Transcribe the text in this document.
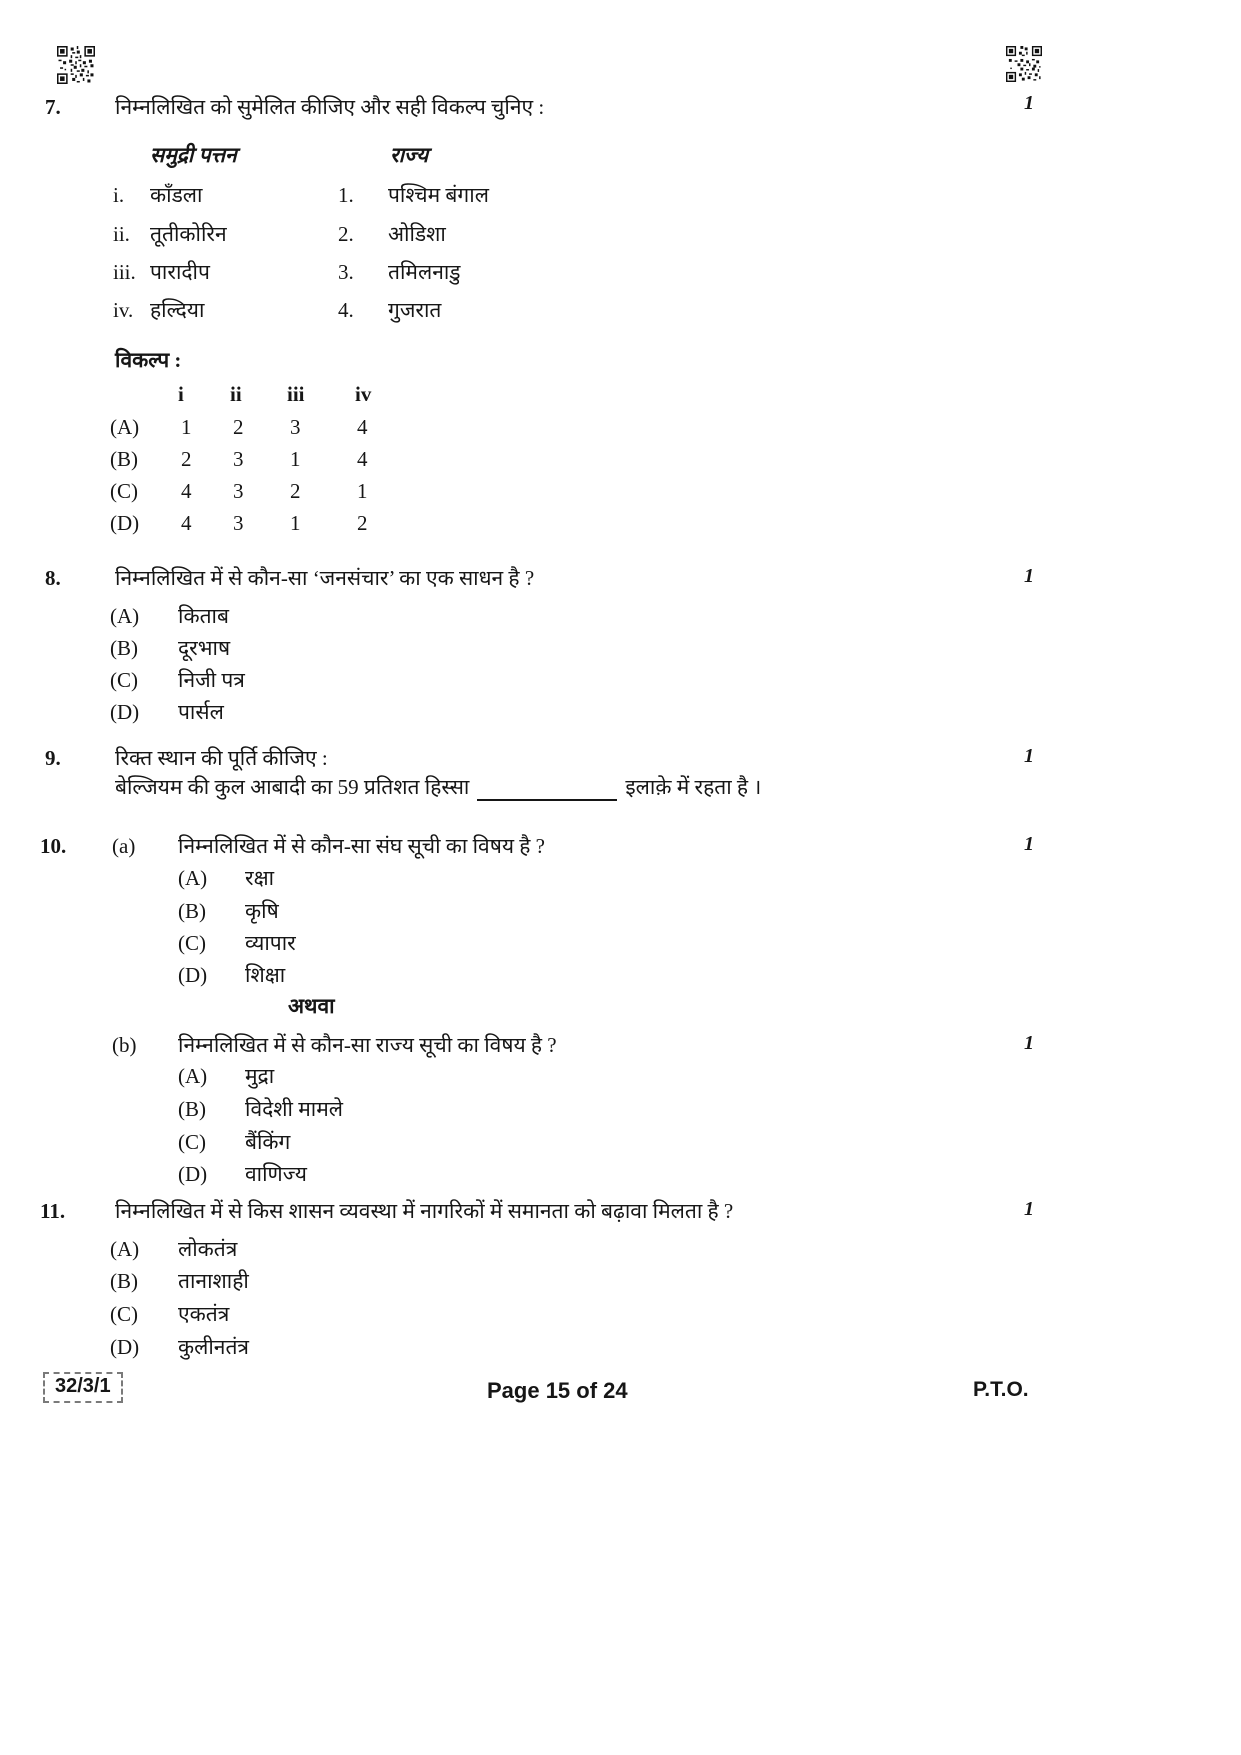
1
1
1
1
1
1
7.	निम्नलिखित को सुमेलित कीजिए और सही विकल्प चुनिए :
समुद्री पत्तन	राज्य
i. काँडला	1. पश्चिम बंगाल
ii. तूतीकोरिन	2. ओडिशा
iii. पारादीप	3. तमिलनाडु
iv. हल्दिया	4. गुजरात
विकल्प :
i ii iii iv
(A) 1 2 3	4
(B) 2 3 1	4
(C) 4 3 2	1
(D) 4 3 1	2
8.	निम्नलिखित में से कौन-सा ‘जनसंचार’ का एक साधन है ?
(A) किताब
(B) दूरभाष
(C) निजी पत्र
(D) पार्सल
9.	रिक्त स्थान की पूर्ति कीजिए :
बेल्जियम की कुल आबादी का 59 प्रतिशत हिस्सा	इलाक़े में रहता है ।
10. (a) निम्नलिखित में से कौन-सा संघ सूची का विषय है ?
(A) रक्षा
(B) कृषि
(C) व्यापार
(D) शिक्षा
अथवा
(b) निम्नलिखित में से कौन-सा राज्य सूची का विषय है ?
(A) मुद्रा
(B) विदेशी मामले
(C) बैंकिंग
(D) वाणिज्य
11. निम्नलिखित में से किस शासन व्यवस्था में नागरिकों में समानता को बढ़ावा मिलता है ?
(A) लोकतंत्र
(B) तानाशाही
(C) एकतंत्र
(D) कुलीनतंत्र
32/3/1	Page 15 of 24	P.T.O.
